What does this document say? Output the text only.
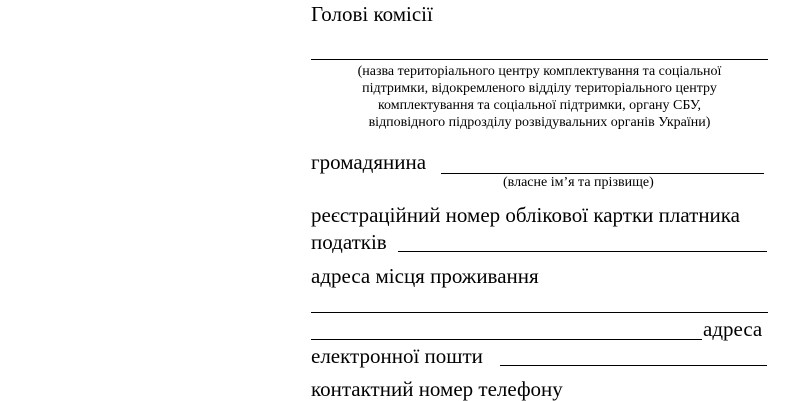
Голові комісії
(назва територіального центру комплектування та соціальної
підтримки, відокремленого відділу територіального центру
комплектування та соціальної підтримки, органу СБУ,
відповідного підрозділу розвідувальних органів України)
громадянина
(власне ім’я та прізвище)
реєстраційний номер облікової картки платника
податків
адреса місця проживання
адреса
електронної пошти
контактний номер телефону
